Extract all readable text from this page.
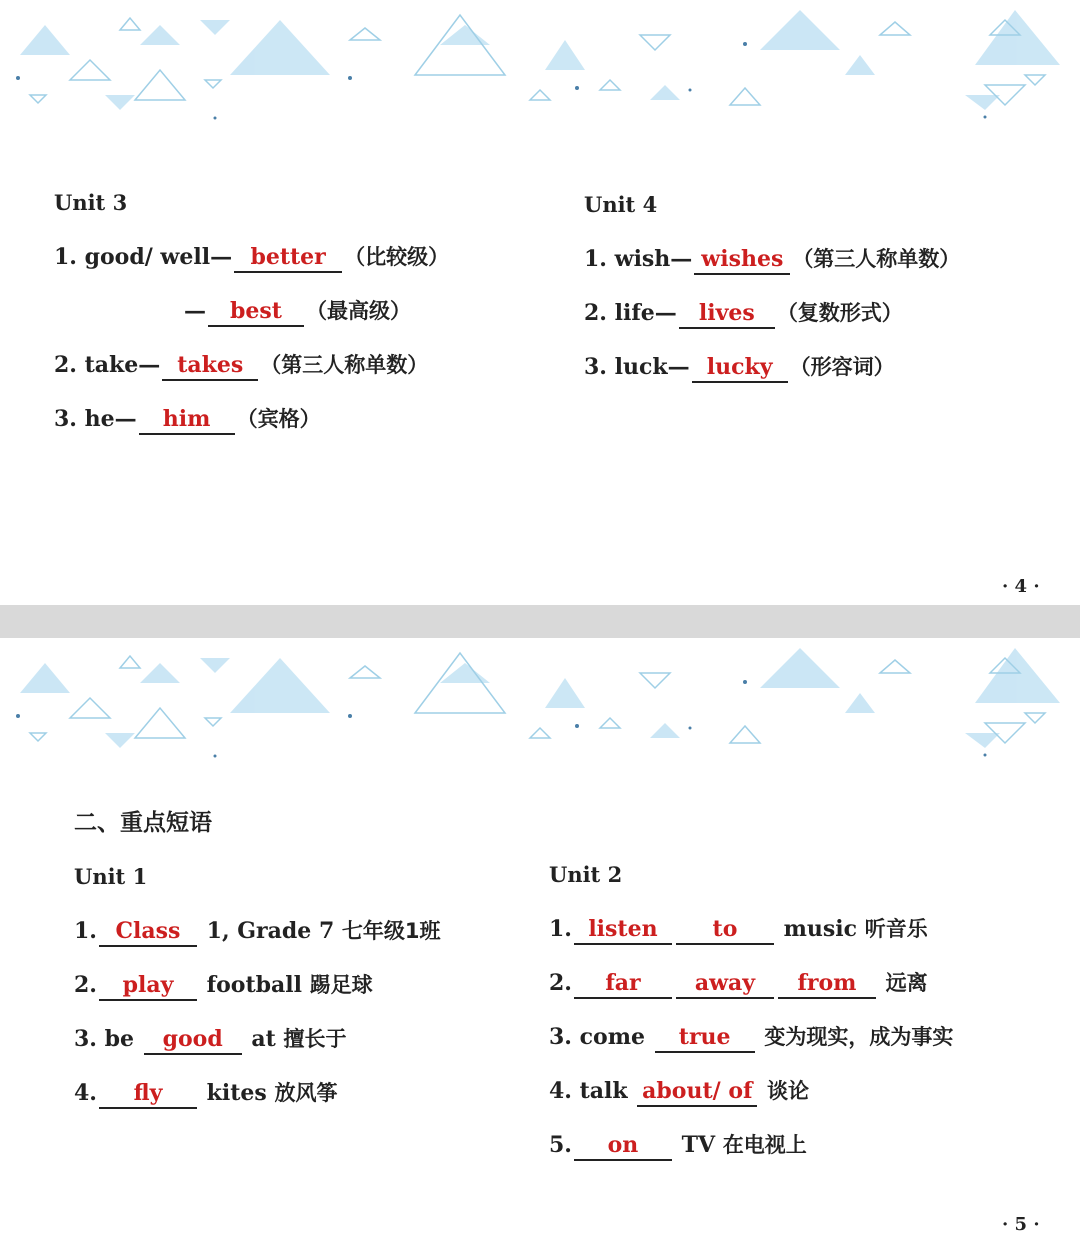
Unit 3
1. good/ well— better （比较级）
— best （最高级）
2. take— takes （第三人称单数）
3. he— him （宾格）
Unit 4
1. wish— wishes （第三人称单数）
2. life— lives （复数形式）
3. luck— lucky （形容词）
· 4 ·
二、重点短语
Unit 1
1. Class 1, Grade 7 七年级1班
2. play football 踢足球
3. be good at 擅长于
4. fly kites 放风筝
Unit 2
1. listen to music 听音乐
2. far away from 远离
3. come true 变为现实，成为事实
4. talk about/ of 谈论
5. on TV 在电视上
· 5 ·
